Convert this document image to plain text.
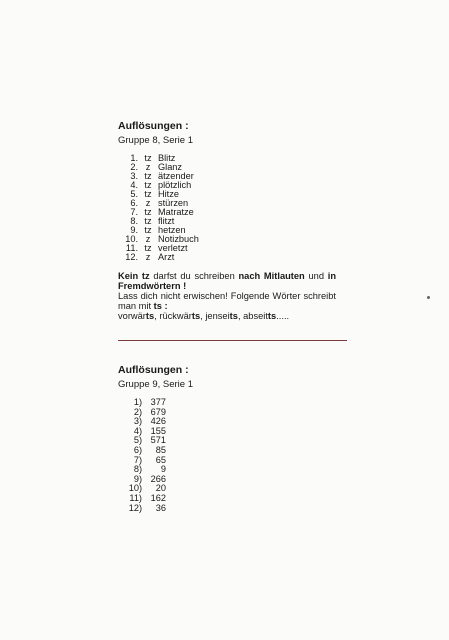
Auflösungen :
Gruppe 8, Serie 1
1. tz Blitz
2. z Glanz
3. tz ätzender
4. tz plötzlich
5. tz Hitze
6. z stürzen
7. tz Matratze
8. tz flitzt
9. tz hetzen
10. z Notizbuch
11. tz verletzt
12. z Arzt

Kein tz darfst du schreiben nach Mitlauten und in Fremdwörtern !

Lass dich nicht erwischen! Folgende Wörter schreibt man mit ts :

vorwärts, rückwärts, jenseits, abseitts.....

Auflösungen :
Gruppe 9, Serie 1
1) 377
2) 679
3) 426
4) 155
5) 571
6)	85
7)	65
8)	9
9) 266
10)	20
11) 162
12)	36
